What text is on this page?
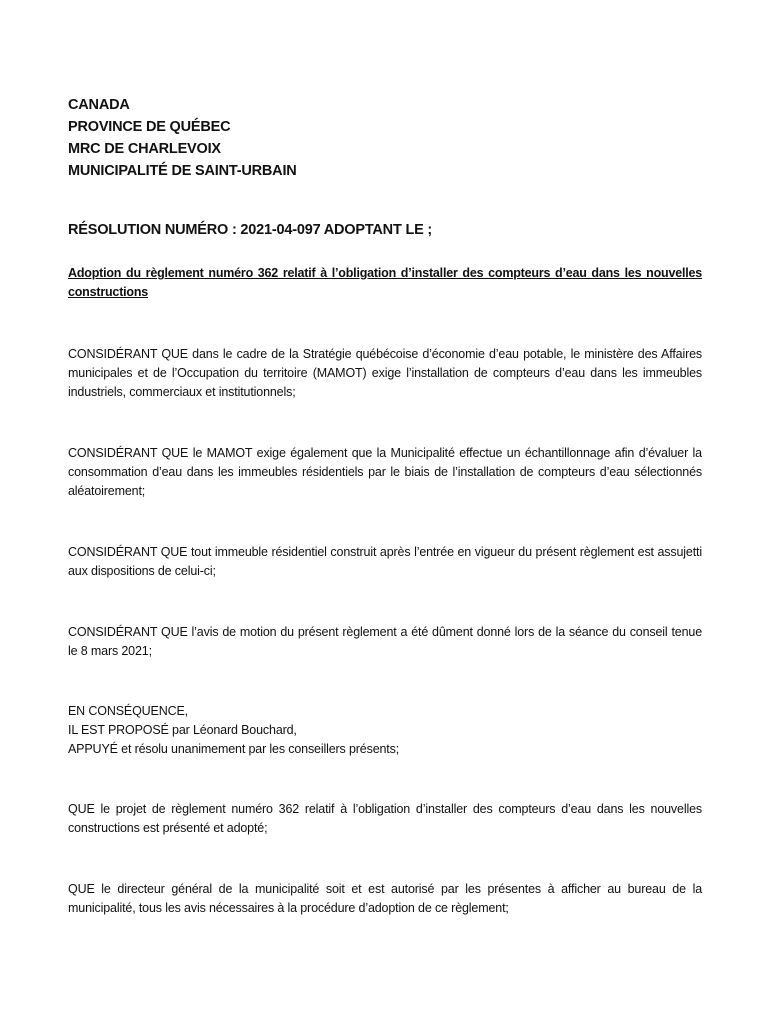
CANADA
PROVINCE DE QUÉBEC
MRC DE CHARLEVOIX
MUNICIPALITÉ DE SAINT-URBAIN
RÉSOLUTION NUMÉRO : 2021-04-097 ADOPTANT LE ;
Adoption du règlement numéro 362 relatif à l’obligation d’installer des compteurs d’eau dans les nouvelles constructions
CONSIDÉRANT QUE dans le cadre de la Stratégie québécoise d’économie d’eau potable, le ministère des Affaires municipales et de l’Occupation du territoire (MAMOT) exige l’installation de compteurs d’eau dans les immeubles industriels, commerciaux et institutionnels;
CONSIDÉRANT QUE le MAMOT exige également que la Municipalité effectue un échantillonnage afin d’évaluer la consommation d’eau dans les immeubles résidentiels par le biais de l’installation de compteurs d’eau sélectionnés aléatoirement;
CONSIDÉRANT QUE tout immeuble résidentiel construit après l’entrée en vigueur du présent règlement est assujetti aux dispositions de celui-ci;
CONSIDÉRANT QUE l’avis de motion du présent règlement a été dûment donné lors de la séance du conseil tenue le 8 mars 2021;
EN CONSÉQUENCE,
IL EST PROPOSÉ par Léonard Bouchard,
APPUYÉ et résolu unanimement par les conseillers présents;
QUE le projet de règlement numéro 362 relatif à l’obligation d’installer des compteurs d’eau dans les nouvelles constructions est présenté et adopté;
QUE le directeur général de la municipalité soit et est autorisé par les présentes à afficher au bureau de la municipalité, tous les avis nécessaires à la procédure d’adoption de ce règlement;
